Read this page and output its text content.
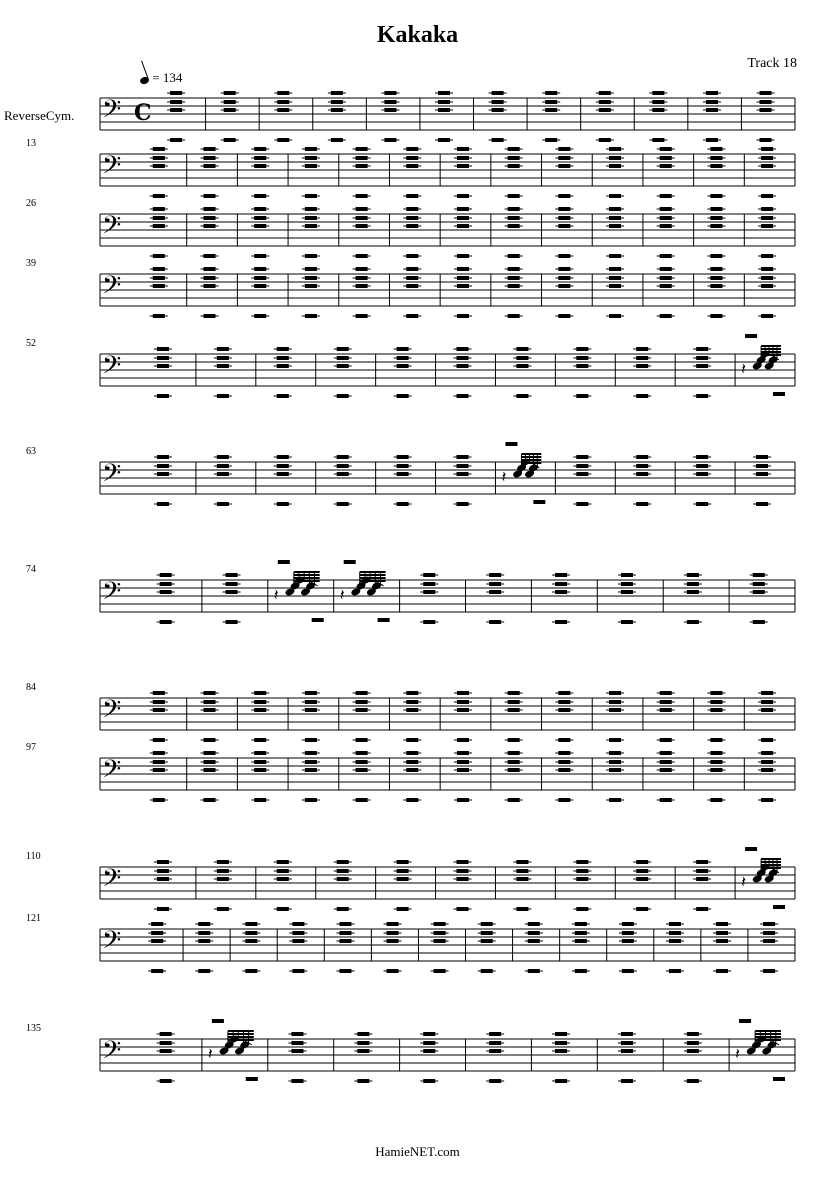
Kakaka
Track 18
= 134
ReverseCym. 𝄢 C
𝄢
13
𝄢
26
𝄢
39
𝄢
52
𝄽
𝄢
63
𝄽
𝄢
74
𝄽	𝄽
𝄢
84
𝄢
97
𝄢
110
𝄽
𝄢
121
𝄢
135
𝄽	𝄽
HamieNET.com
